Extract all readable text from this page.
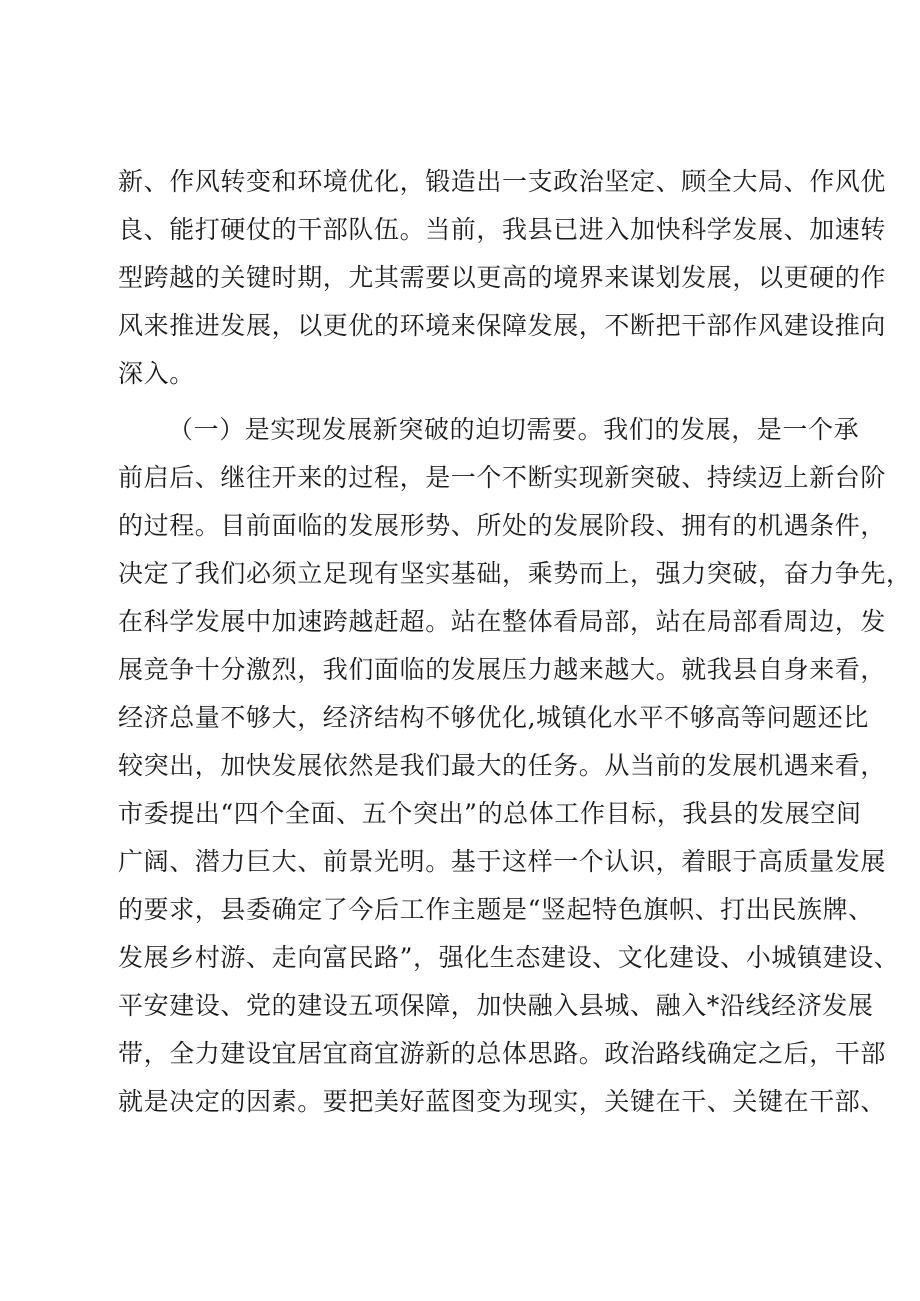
新、作风转变和环境优化，锻造出一支政治坚定、顾全大局、作风优
良、能打硬仗的干部队伍。当前，我县已进入加快科学发展、加速转
型跨越的关键时期，尤其需要以更高的境界来谋划发展，以更硬的作
风来推进发展，以更优的环境来保障发展，不断把干部作风建设推向
深入。
（一）是实现发展新突破的迫切需要。我们的发展，是一个承
前启后、继往开来的过程，是一个不断实现新突破、持续迈上新台阶
的过程。目前面临的发展形势、所处的发展阶段、拥有的机遇条件，
决定了我们必须立足现有坚实基础，乘势而上，强力突破，奋力争先，
在科学发展中加速跨越赶超。站在整体看局部，站在局部看周边，发
展竞争十分激烈，我们面临的发展压力越来越大。就我县自身来看，
经济总量不够大，经济结构不够优化,城镇化水平不够高等问题还比
较突出，加快发展依然是我们最大的任务。从当前的发展机遇来看，
市委提出“四个全面、五个突出”的总体工作目标，我县的发展空间
广阔、潜力巨大、前景光明。基于这样一个认识，着眼于高质量发展
的要求，县委确定了今后工作主题是“竖起特色旗帜、打出民族牌、
发展乡村游、走向富民路”，强化生态建设、文化建设、小城镇建设、
平安建设、党的建设五项保障，加快融入县城、融入*沿线经济发展
带，全力建设宜居宜商宜游新的总体思路。政治路线确定之后，干部
就是决定的因素。要把美好蓝图变为现实，关键在干、关键在干部、
